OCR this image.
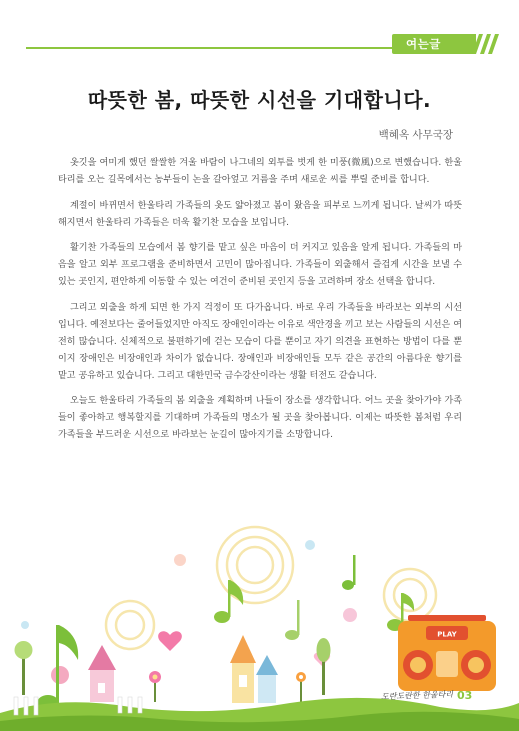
여는글
따뜻한 봄, 따뜻한 시선을 기대합니다.
백혜옥 사무국장

옷깃을 여미게 했던 쌀쌀한 겨울 바람이 나그네의 외투를 벗게 한 미풍(微風)으로 변했습니다. 한울타리를 오는 길목에서는 농부들이 논을 갈아엎고 거름을 주며 새로운 씨를 뿌릴 준비를 합니다.

계절이 바뀌면서 한울타리 가족들의 옷도 얇아졌고 봄이 왔음을 피부로 느끼게 됩니다. 날씨가 따뜻해지면서 한울타리 가족들은 더욱 활기찬 모습을 보입니다.

활기찬 가족들의 모습에서 봄 향기를 맡고 싶은 마음이 더 커지고 있음을 알게 됩니다. 가족들의 마음을 알고 외부 프로그램을 준비하면서 고민이 많아집니다. 가족들이 외출해서 즐겁게 시간을 보낼 수 있는 곳인지, 편안하게 이동할 수 있는 여건이 준비된 곳인지 등을 고려하며 장소 선택을 합니다.

그리고 외출을 하게 되면 한 가지 걱정이 또 다가옵니다. 바로 우리 가족들을 바라보는 외부의 시선입니다. 예전보다는 줄어들었지만 아직도 장애인이라는 이유로 색안경을 끼고 보는 사람들의 시선은 여전히 많습니다. 신체적으로 불편하기에 걷는 모습이 다를 뿐이고 자기 의견을 표현하는 방법이 다를 뿐이지 장애인은 비장애인과 차이가 없습니다. 장애인과 비장애인들 모두 같은 공간의 아름다운 향기를 맡고 공유하고 있습니다. 그리고 대한민국 금수강산이라는 생활 터전도 같습니다.

오늘도 한울타리 가족들의 봄 외출을 계획하며 나들이 장소를 생각합니다. 어느 곳을 찾아가야 가족들이 좋아하고 행복할지를 기대하며 가족들의 명소가 될 곳을 찾아봅니다. 이제는 따뜻한 봄처럼 우리 가족들을 부드러운 시선으로 바라보는 눈길이 많아지기를 소망합니다.

PLAY
도란도란한 한울타리 03
